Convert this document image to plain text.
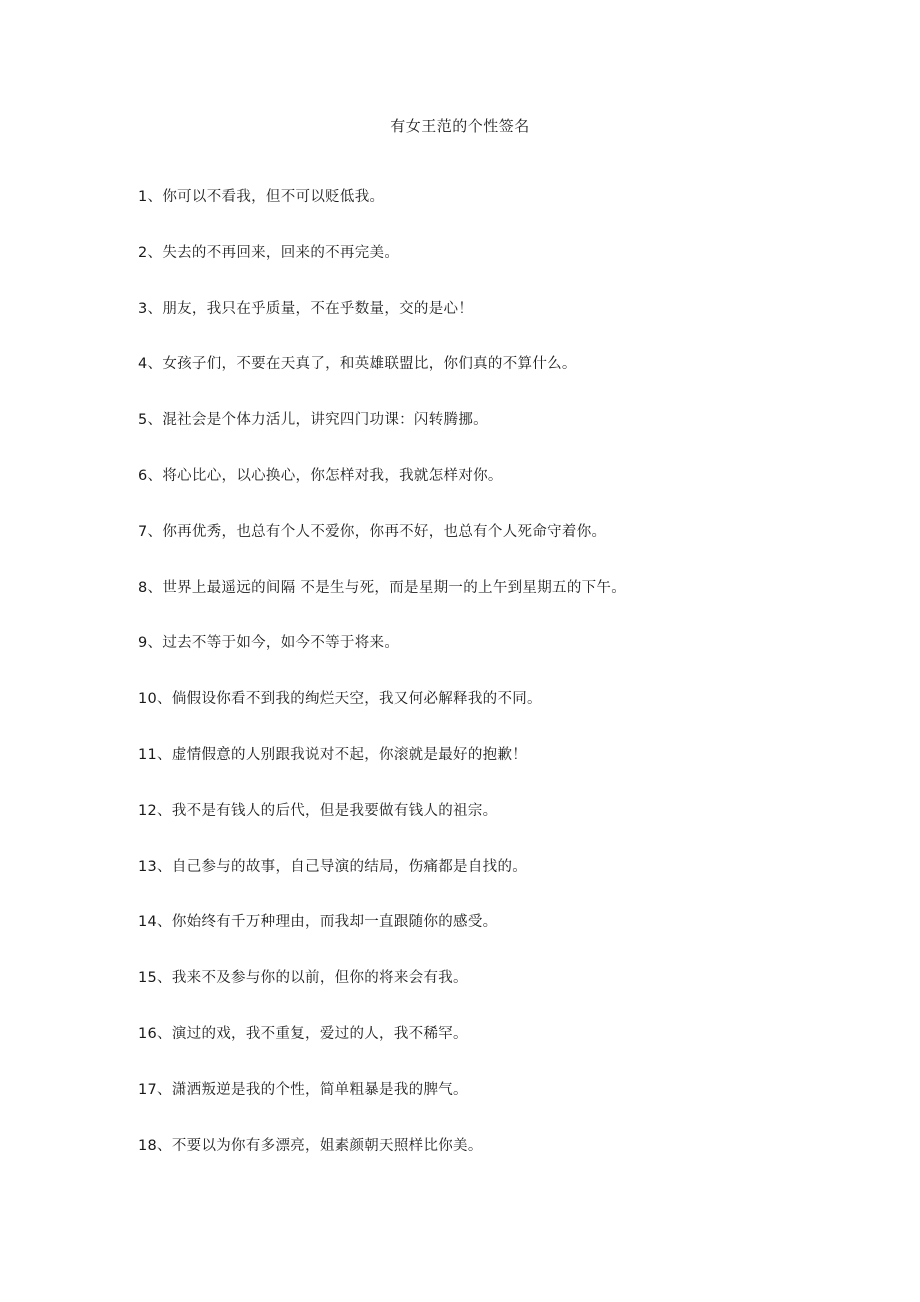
有女王范的个性签名
1、你可以不看我，但不可以贬低我。
2、失去的不再回来，回来的不再完美。
3、朋友，我只在乎质量，不在乎数量，交的是心！
4、女孩子们，不要在天真了，和英雄联盟比，你们真的不算什么。
5、混社会是个体力活儿，讲究四门功课：闪转腾挪。
6、将心比心，以心换心，你怎样对我，我就怎样对你。
7、你再优秀，也总有个人不爱你，你再不好，也总有个人死命守着你。
8、世界上最遥远的间隔 不是生与死，而是星期一的上午到星期五的下午。
9、过去不等于如今，如今不等于将来。
10、倘假设你看不到我的绚烂天空，我又何必解释我的不同。
11、虚情假意的人别跟我说对不起，你滚就是最好的抱歉！
12、我不是有钱人的后代，但是我要做有钱人的祖宗。
13、自己参与的故事，自己导演的结局，伤痛都是自找的。
14、你始终有千万种理由，而我却一直跟随你的感受。
15、我来不及参与你的以前，但你的将来会有我。
16、演过的戏，我不重复，爱过的人，我不稀罕。
17、潇洒叛逆是我的个性，简单粗暴是我的脾气。
18、不要以为你有多漂亮，姐素颜朝天照样比你美。
